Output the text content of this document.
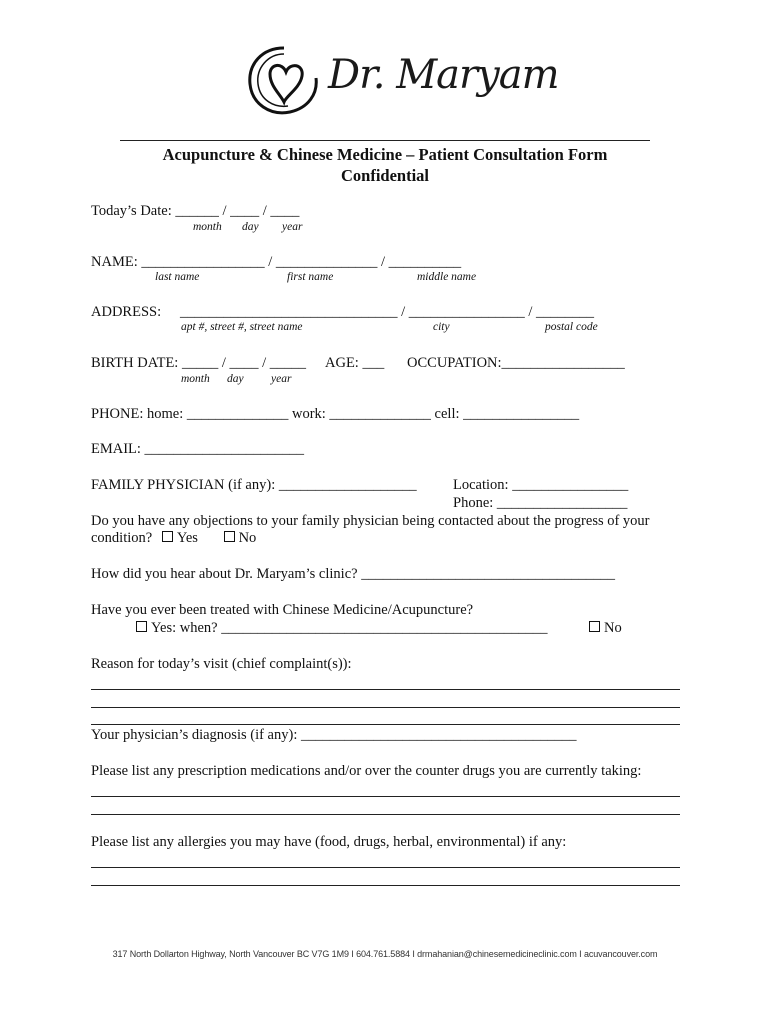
Dr. Maryam
Acupuncture & Chinese Medicine – Patient Consultation Form
Confidential
Today’s Date: ______ / ____ / ____
month day year
NAME: _________________ / ______________ / __________
last name	first name	middle name
ADDRESS: ______________________________ / ________________ / ________
apt #, street #, street name	city	postal code
BIRTH DATE: _____ / ____ / _____
month day year
AGE: ___ OCCUPATION:_________________
PHONE: home: ______________ work: ______________ cell: ________________
EMAIL: ______________________
FAMILY PHYSICIAN (if any): ___________________	Location: ________________
Phone: __________________
Do you have any objections to your family physician being contacted about the progress of your
condition? Yes	No
How did you hear about Dr. Maryam’s clinic? ___________________________________
Have you ever been treated with Chinese Medicine/Acupuncture?
Yes: when? _____________________________________________	No
Reason for today’s visit (chief complaint(s)):
Your physician’s diagnosis (if any): ______________________________________
Please list any prescription medications and/or over the counter drugs you are currently taking:
Please list any allergies you may have (food, drugs, herbal, environmental) if any:
317 North Dollarton Highway, North Vancouver BC V7G 1M9 I 604.761.5884 I drmahanian@chinesemedicineclinic.com I acuvancouver.com
